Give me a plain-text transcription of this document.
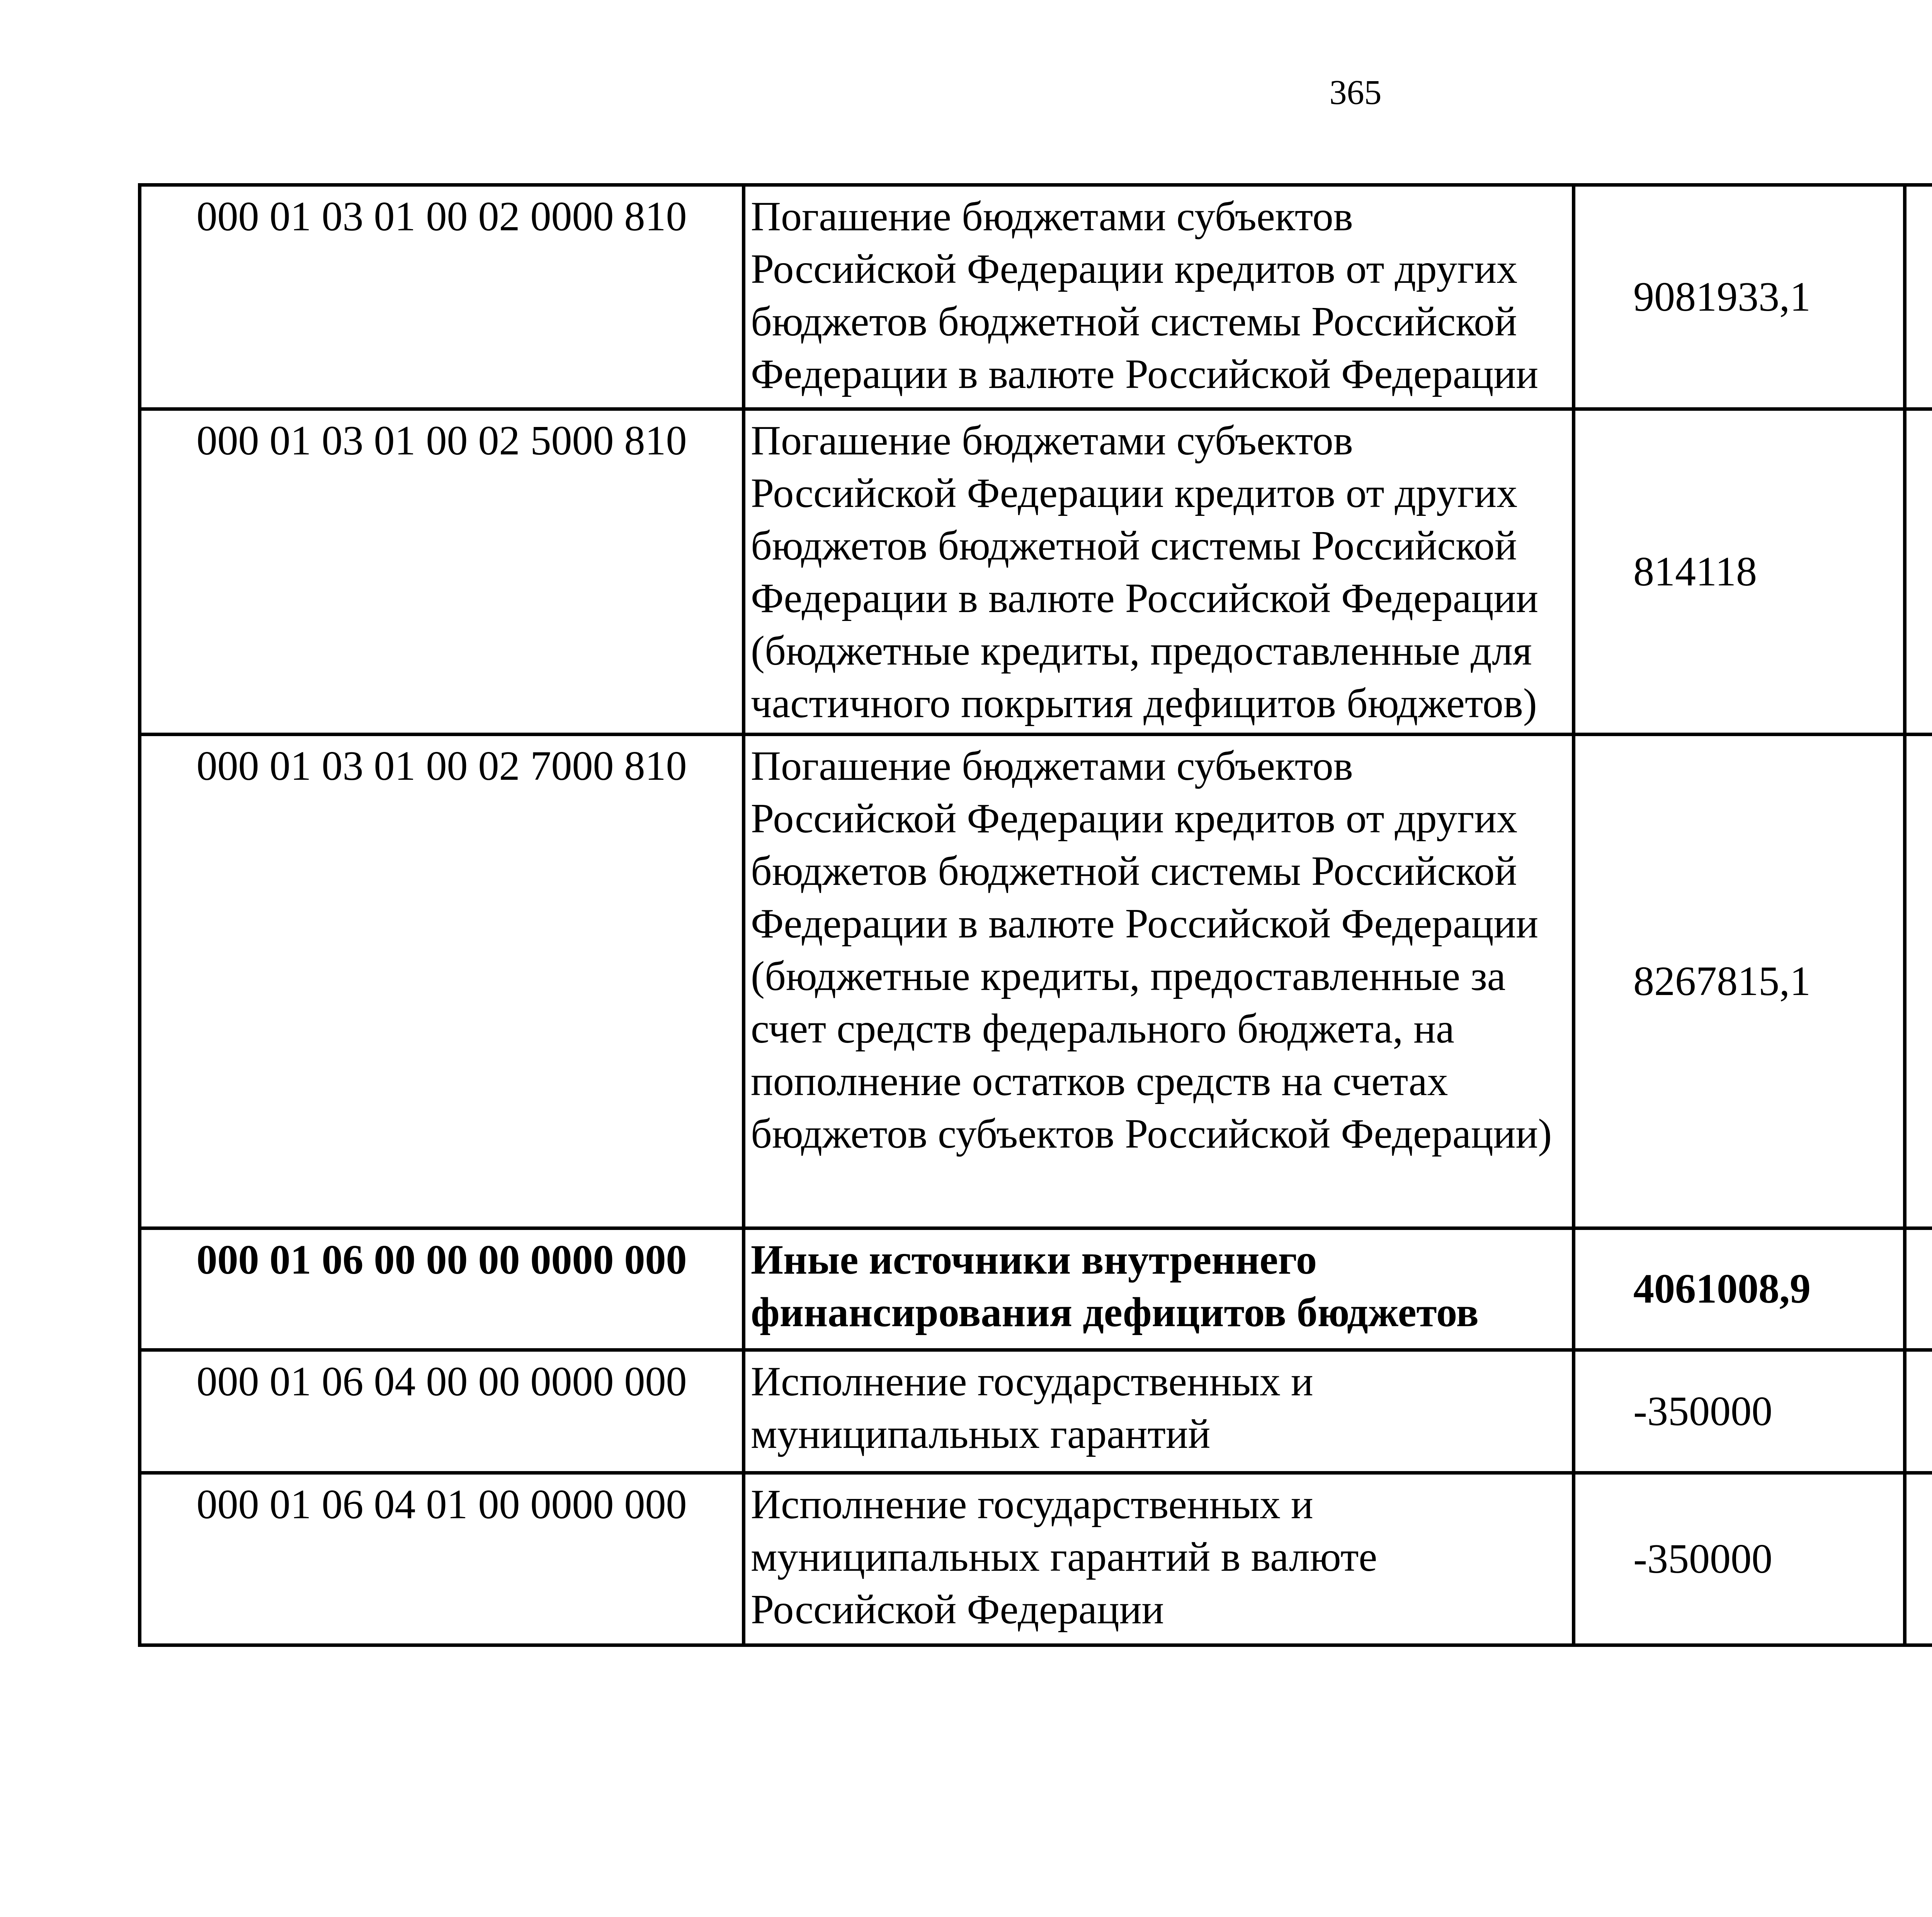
365
000 01 03 01 00 02 0000 810	Погашение бюджетами субъектов Российской Федерации кредитов от других бюджетов бюджетной системы Российской Федерации в валюте Российской Федерации	9081933,1		
000 01 03 01 00 02 5000 810	Погашение бюджетами субъектов Российской Федерации кредитов от других бюджетов бюджетной системы Российской Федерации в валюте Российской Федерации (бюджетные кредиты, предоставленные для частичного покрытия дефицитов бюджетов)	814118		
000 01 03 01 00 02 7000 810	Погашение бюджетами субъектов Российской Федерации кредитов от других бюджетов бюджетной системы Российской Федерации в валюте Российской Федерации (бюджетные кредиты, предоставленные за счет средств федерального бюджета, на пополнение остатков средств на счетах бюджетов субъектов Российской Федерации)	8267815,1		
000 01 06 00 00 00 0000 000	Иные источники внутреннего финансирования дефицитов бюджетов	4061008,9		
000 01 06 04 00 00 0000 000	Исполнение государственных и муниципальных гарантий	-350000		
000 01 06 04 01 00 0000 000	Исполнение государственных и муниципальных гарантий в валюте Российской Федерации	-350000		
